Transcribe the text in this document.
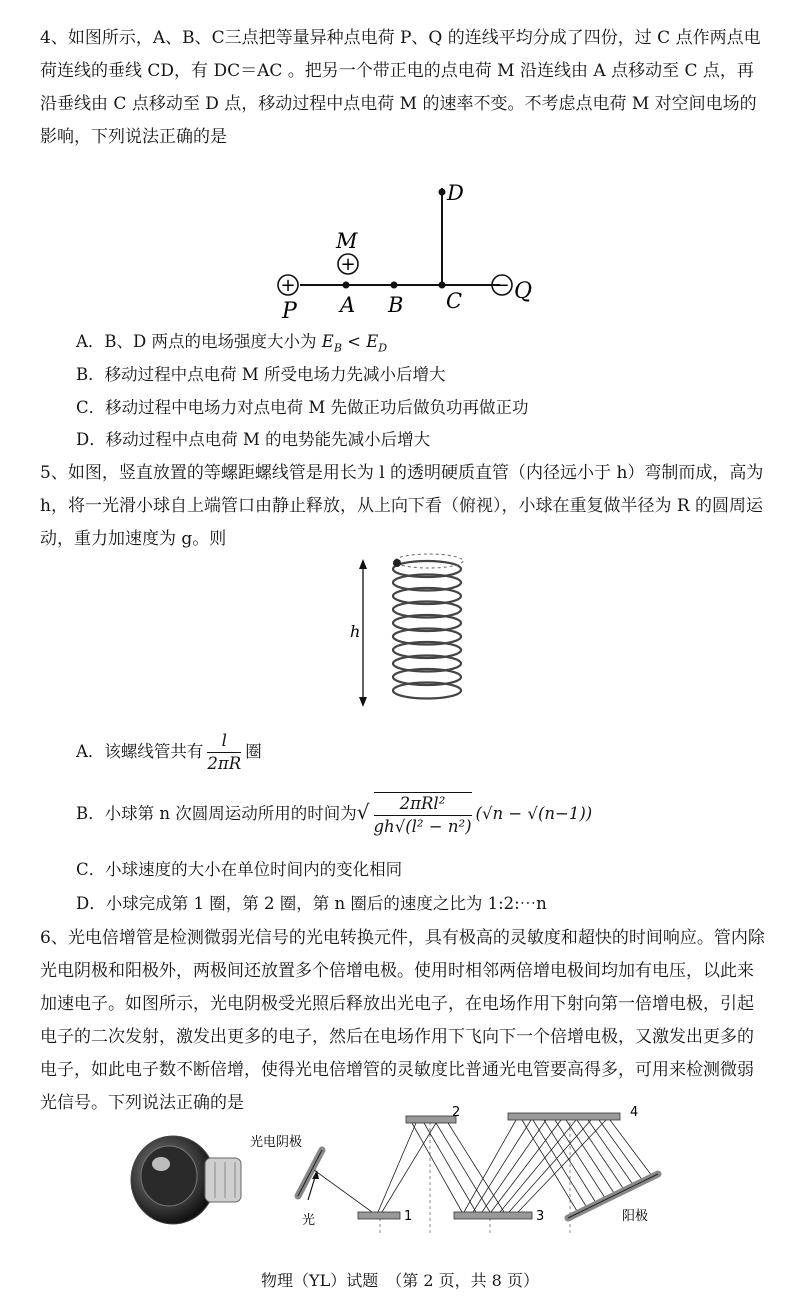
4、如图所示，A、B、C三点把等量异种点电荷 P、Q 的连线平均分成了四份，过 C 点作两点电荷连线的垂线 CD，有 DC＝AC 。把另一个带正电的点电荷 M 沿连线由 A 点移动至 C 点，再沿垂线由 C 点移动至 D 点，移动过程中点电荷 M 的速率不变。不考虑点电荷 M 对空间电场的影响，下列说法正确的是
+
P A B C
D
+
M
− Q
A．B、D 两点的电场强度大小为 $E_B < E_D$
B．移动过程中点电荷 M 所受电场力先减小后增大
C．移动过程中电场力对点电荷 M 先做正功后做负功再做正功
D．移动过程中点电荷 M 的电势能先减小后增大
5、如图，竖直放置的等螺距螺线管是用长为 l 的透明硬质直管（内径远小于 h）弯制而成，高为 h，将一光滑小球自上端管口由静止释放，从上向下看（俯视），小球在重复做半径为 R 的圆周运动，重力加速度为 g。则
h
A．该螺线管共有 $\frac{l}{2\pi R}$ 圈
B．小球第 n 次圆周运动所用的时间为√ $\frac{\text{2πRl²}}{\text{gh√(l² − n²)}} (√n - √(n-1))$
C．小球速度的大小在单位时间内的变化相同
D．小球完成第 1 圈，第 2 圈，第 n 圈后的速度之比为 1:2:⋯n
6、光电倍增管是检测微弱光信号的光电转换元件，具有极高的灵敏度和超快的时间响应。管内除光电阴极和阳极外，两极间还放置多个倍增电极。使用时相邻两倍增电极间均加有电压，以此来加速电子。如图所示，光电阴极受光照后释放出光电子，在电场作用下射向第一倍增电极，引起电子的二次发射，激发出更多的电子，然后在电场作用下飞向下一个倍增电极，又激发出更多的电子，如此电子数不断倍增，使得光电倍增管的灵敏度比普通光电管要高得多，可用来检测微弱光信号。下列说法正确的是
光电阴极
光	1
2
3
4
阳极
物理（YL）试题　（第 2 页，共 8 页）
